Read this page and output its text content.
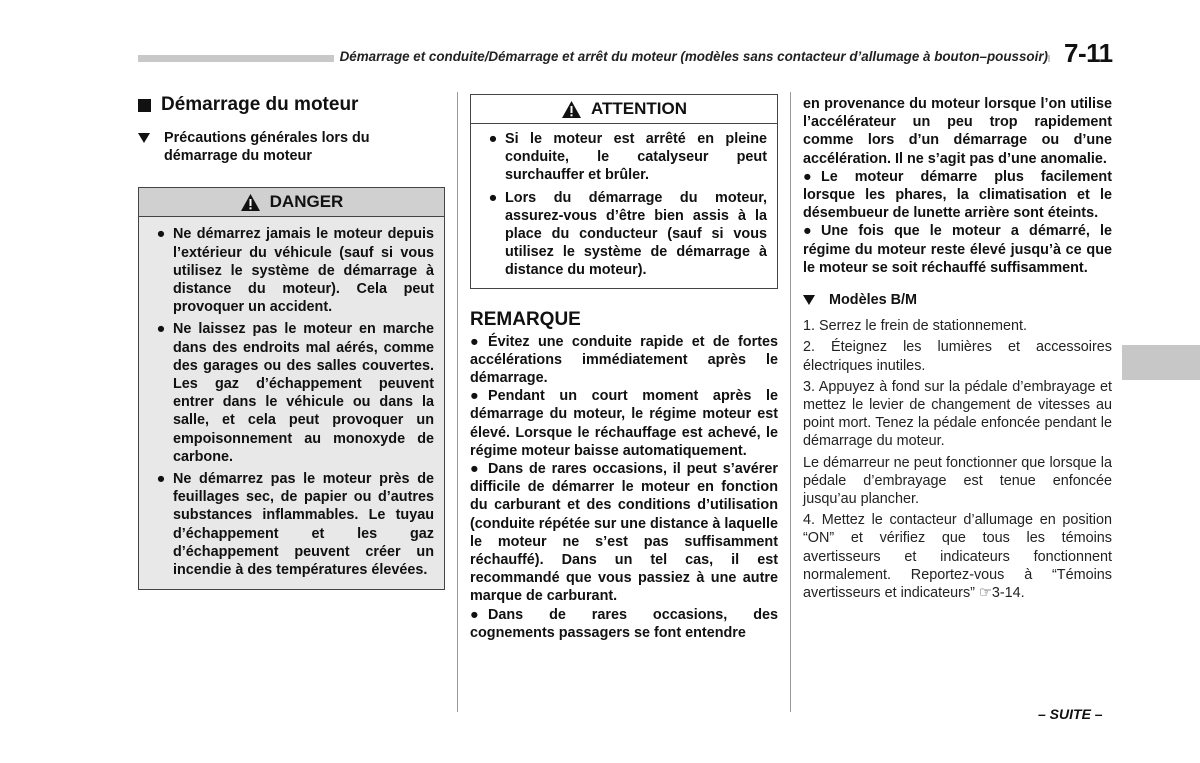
Démarrage et conduite/Démarrage et arrêt du moteur (modèles sans contacteur d’allumage à bouton–poussoir) 7-11
Démarrage du moteur
Précautions générales lors du démarrage du moteur
DANGER
● Ne démarrez jamais le moteur depuis l’extérieur du véhicule (sauf si vous utilisez le système de démarrage à distance du moteur). Cela peut provoquer un accident.
● Ne laissez pas le moteur en marche dans des endroits mal aérés, comme des garages ou des salles couvertes. Les gaz d’échappement peuvent entrer dans le véhicule ou dans la salle, et cela peut provoquer un empoisonnement au monoxyde de carbone.
● Ne démarrez pas le moteur près de feuillages sec, de papier ou d’autres substances inflammables. Le tuyau d’échappement et les gaz d’échappement peuvent créer un incendie à des températures élevées.
ATTENTION
● Si le moteur est arrêté en pleine conduite, le catalyseur peut surchauffer et brûler.
● Lors du démarrage du moteur, assurez-vous d’être bien assis à la place du conducteur (sauf si vous utilisez le système de démarrage à distance du moteur).
REMARQUE
● Évitez une conduite rapide et de fortes accélérations immédiatement après le démarrage.
● Pendant un court moment après le démarrage du moteur, le régime moteur est élevé. Lorsque le réchauffage est achevé, le régime moteur baisse automatiquement.
● Dans de rares occasions, il peut s’avérer difficile de démarrer le moteur en fonction du carburant et des conditions d’utilisation (conduite répétée sur une distance à laquelle le moteur ne s’est pas suffisamment réchauffé). Dans un tel cas, il est recommandé que vous passiez à une autre marque de carburant.
● Dans de rares occasions, des cognements passagers se font entendre
en provenance du moteur lorsque l’on utilise l’accélérateur un peu trop rapidement comme lors d’un démarrage ou d’une accélération. Il ne s’agit pas d’une anomalie.
● Le moteur démarre plus facilement lorsque les phares, la climatisation et le désembueur de lunette arrière sont éteints.
● Une fois que le moteur a démarré, le régime du moteur reste élevé jusqu’à ce que le moteur se soit réchauffé suffisamment.
Modèles B/M
1. Serrez le frein de stationnement.
2. Éteignez les lumières et accessoires électriques inutiles.
3. Appuyez à fond sur la pédale d’embrayage et mettez le levier de changement de vitesses au point mort. Tenez la pédale enfoncée pendant le démarrage du moteur.
Le démarreur ne peut fonctionner que lorsque la pédale d’embrayage est tenue enfoncée jusqu’au plancher.
4. Mettez le contacteur d’allumage en position “ON” et vérifiez que tous les témoins avertisseurs et indicateurs fonctionnent normalement. Reportez-vous à “Témoins avertisseurs et indicateurs” ☞3-14.
– SUITE –
